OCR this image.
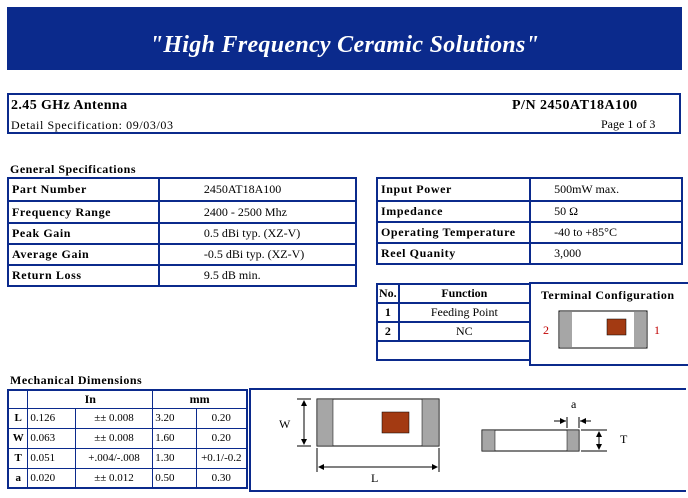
"High Frequency Ceramic Solutions"
2.45 GHz Antenna
Detail Specification: 09/03/03
P/N 2450AT18A100
Page 1 of 3
General Specifications
Part Number	2450AT18A100
Frequency Range	2400 - 2500 Mhz
Peak Gain	0.5 dBi typ. (XZ-V)
Average Gain	-0.5 dBi typ. (XZ-V)
Return Loss	9.5 dB min.
Input Power	500mW max.
Impedance	50 Ω
Operating Temperature	-40 to +85°C
Reel Quanity	3,000
No.	Function
1	Feeding Point
2	NC

Terminal Configuration
2	1
Mechanical Dimensions
	In		mm	
L	0.126	±± 0.008	3.20	0.20
W	0.063	±± 0.008	1.60	0.20
T	0.051	+.004/-.008	1.30	+0.1/-0.2
a	0.020	±± 0.012	0.50	0.30
W
L
a
T
